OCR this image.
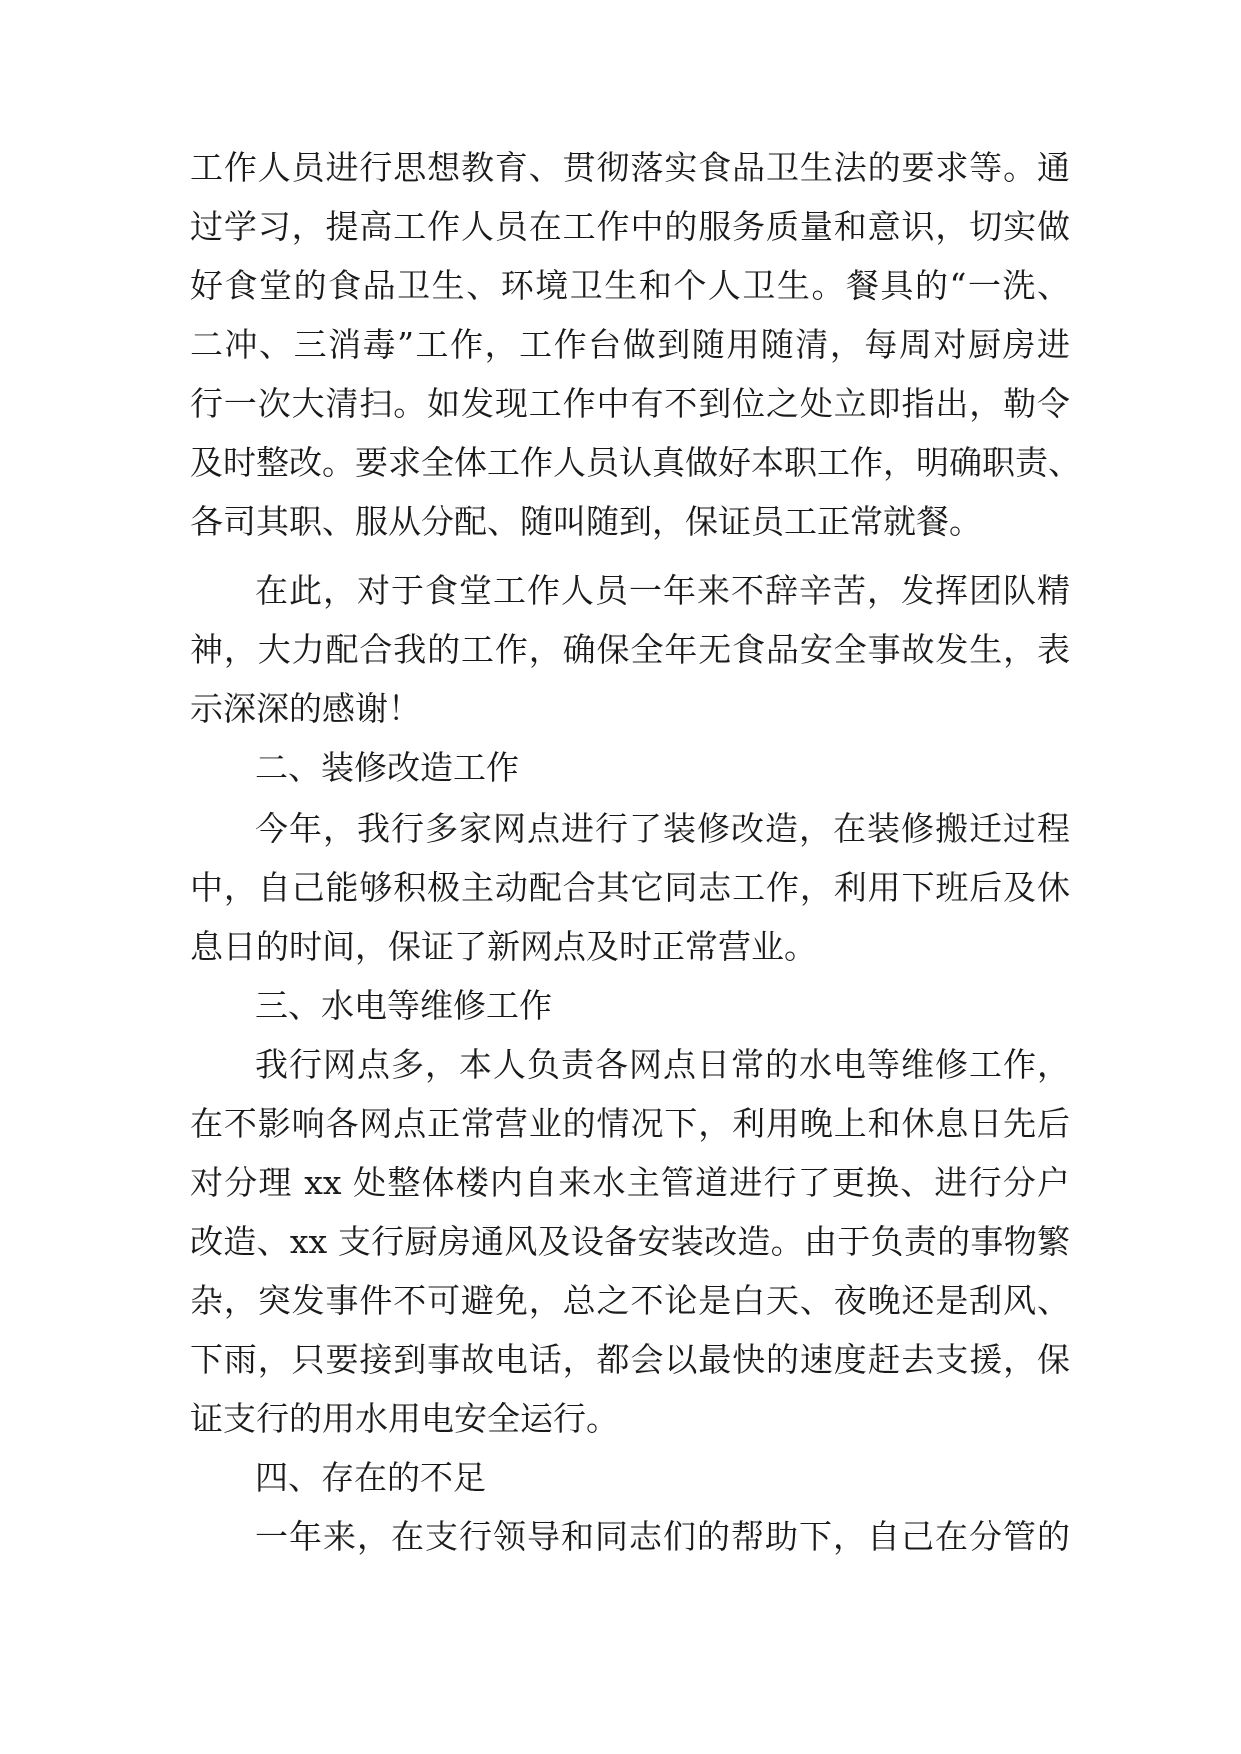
工作人员进行思想教育、贯彻落实食品卫生法的要求等。通
过学习，提高工作人员在工作中的服务质量和意识，切实做
好食堂的食品卫生、环境卫生和个人卫生。餐具的“一洗、
二冲、三消毒”工作，工作台做到随用随清，每周对厨房进
行一次大清扫。如发现工作中有不到位之处立即指出，勒令
及时整改。要求全体工作人员认真做好本职工作，明确职责、
各司其职、服从分配、随叫随到，保证员工正常就餐。
在此，对于食堂工作人员一年来不辞辛苦，发挥团队精
神，大力配合我的工作，确保全年无食品安全事故发生，表
示深深的感谢！
二、装修改造工作
今年，我行多家网点进行了装修改造，在装修搬迁过程
中，自己能够积极主动配合其它同志工作，利用下班后及休
息日的时间，保证了新网点及时正常营业。
三、水电等维修工作
我行网点多，本人负责各网点日常的水电等维修工作，
在不影响各网点正常营业的情况下，利用晚上和休息日先后
对分理 xx 处整体楼内自来水主管道进行了更换、进行分户
改造、xx 支行厨房通风及设备安装改造。由于负责的事物繁
杂，突发事件不可避免，总之不论是白天、夜晚还是刮风、
下雨，只要接到事故电话，都会以最快的速度赶去支援，保
证支行的用水用电安全运行。
四、存在的不足
一年来，在支行领导和同志们的帮助下，自己在分管的
